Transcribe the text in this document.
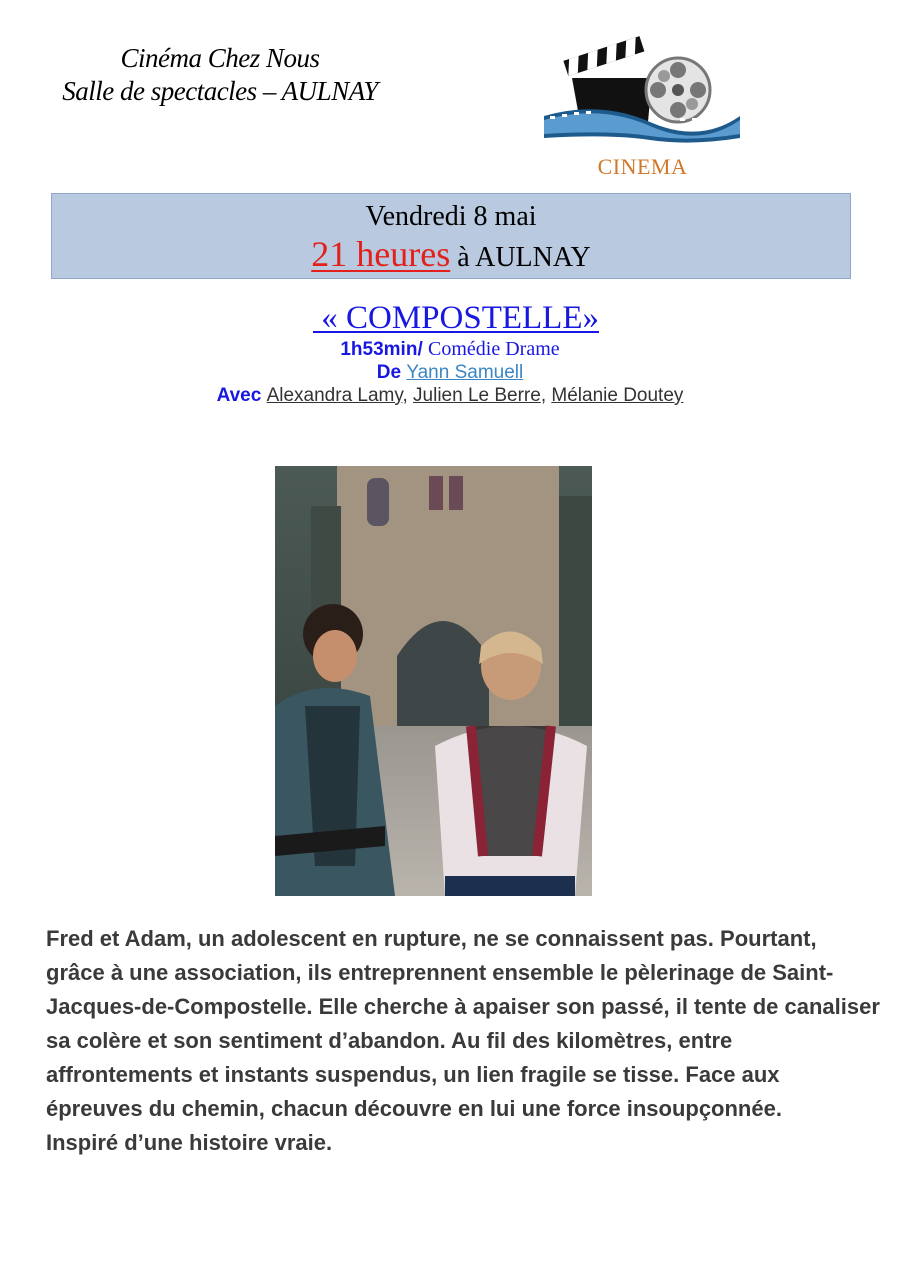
Cinéma Chez Nous
Salle de spectacles – AULNAY
CINEMA
Vendredi 8 mai
21 heures à AULNAY
« COMPOSTELLE»
1h53min/ Comédie Drame
De Yann Samuell
Avec Alexandra Lamy, Julien Le Berre, Mélanie Doutey

Fred et Adam, un adolescent en rupture, ne se connaissent pas. Pourtant, grâce à une association, ils entreprennent ensemble le pèlerinage de Saint-Jacques-de-Compostelle. Elle cherche à apaiser son passé, il tente de canaliser sa colère et son sentiment d’abandon. Au fil des kilomètres, entre affrontements et instants suspendus, un lien fragile se tisse. Face aux épreuves du chemin, chacun découvre en lui une force insoupçonnée.

Inspiré d’une histoire vraie.
